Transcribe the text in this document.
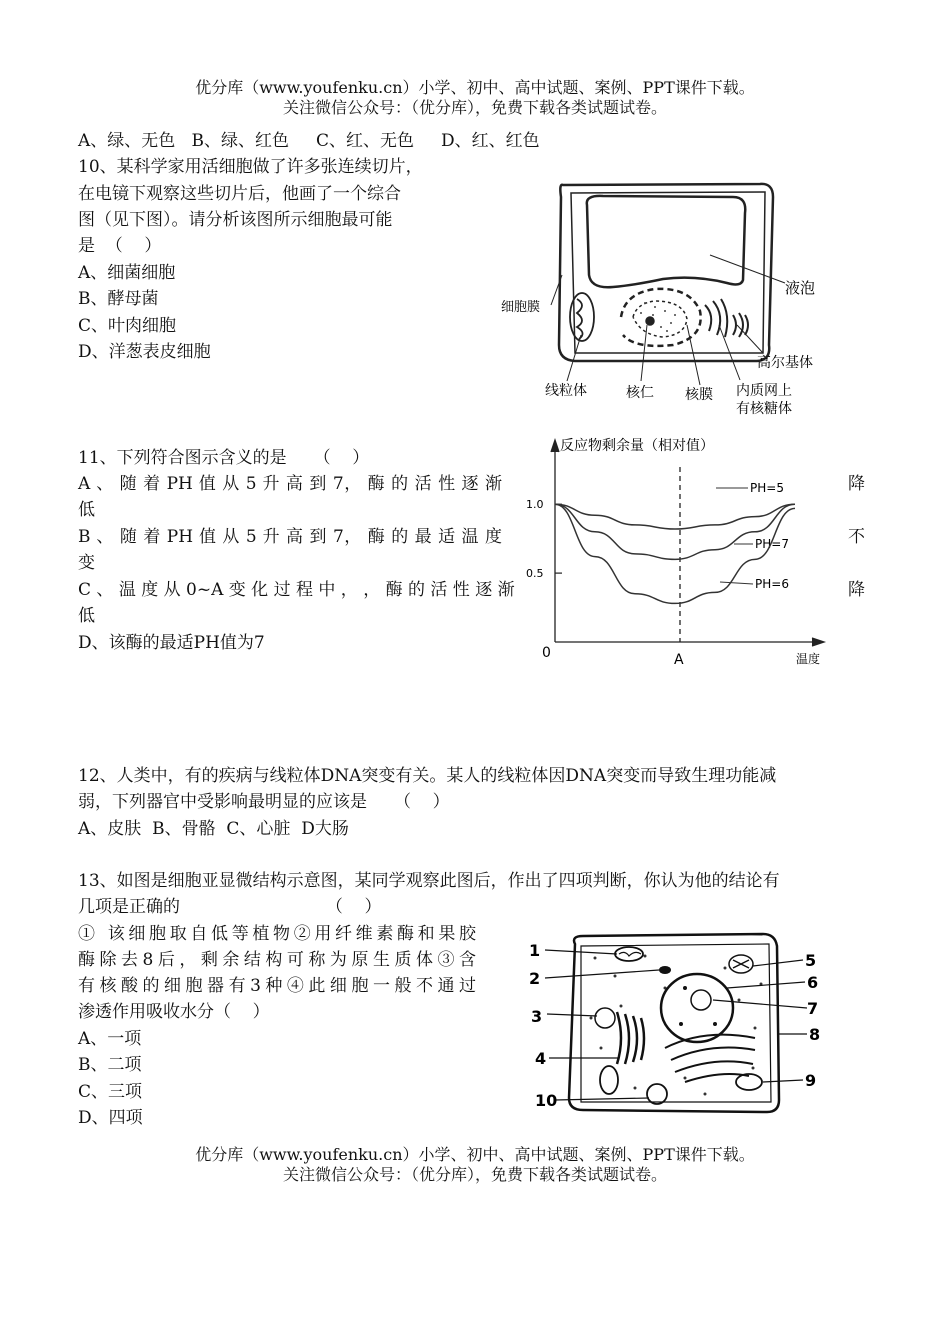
优分库（www.youfenku.cn）小学、初中、高中试题、案例、PPT课件下载。
关注微信公众号：（优分库），免费下载各类试题试卷。
A、绿、无色   B、绿、红色     C、红、无色     D、红、红色
10、某科学家用活细胞做了许多张连续切片，
在电镜下观察这些切片后，他画了一个综合
图（见下图）。请分析该图所示细胞最可能
是  （    ）
A、细菌细胞
B、酵母菌
C、叶肉细胞
D、洋葱表皮细胞
液泡
细胞膜
高尔基体
线粒体	核仁 核膜 内质网上
有核糖体
11、下列符合图示含义的是     （    ）
A 、 随 着 PH 值 从 5 升 高 到 7， 酶 的 活 性 逐 渐
低
降
B 、 随 着 PH 值 从 5 升 高 到 7， 酶 的 最 适 温 度
变
不
C 、 温 度 从 0~A 变 化 过 程 中 ， ， 酶 的 活 性 逐 渐
低
降
D、该酶的最适PH值为7
1.0
0.5
PH=5
PH=7
PH=6
反应物剩余量（相对值）
温度
0	A
12、人类中，有的疾病与线粒体DNA突变有关。某人的线粒体因DNA突变而导致生理功能减
弱，下列器官中受影响最明显的应该是     （    ）
A、皮肤  B、骨骼  C、心脏  D大肠
13、如图是细胞亚显微结构示意图，某同学观察此图后，作出了四项判断，你认为他的结论有
几项是正确的                           （    ）
① 该细胞取自低等植物②用纤维素酶和果胶
酶除去8后，剩余结构可称为原生质体③含
有核酸的细胞器有3种④此细胞一般不通过
渗透作用吸收水分（    ）
A、一项
B、二项
C、三项
D、四项
1
2
3
4
5
6
7
8
9
10
优分库（www.youfenku.cn）小学、初中、高中试题、案例、PPT课件下载。
关注微信公众号：（优分库），免费下载各类试题试卷。
